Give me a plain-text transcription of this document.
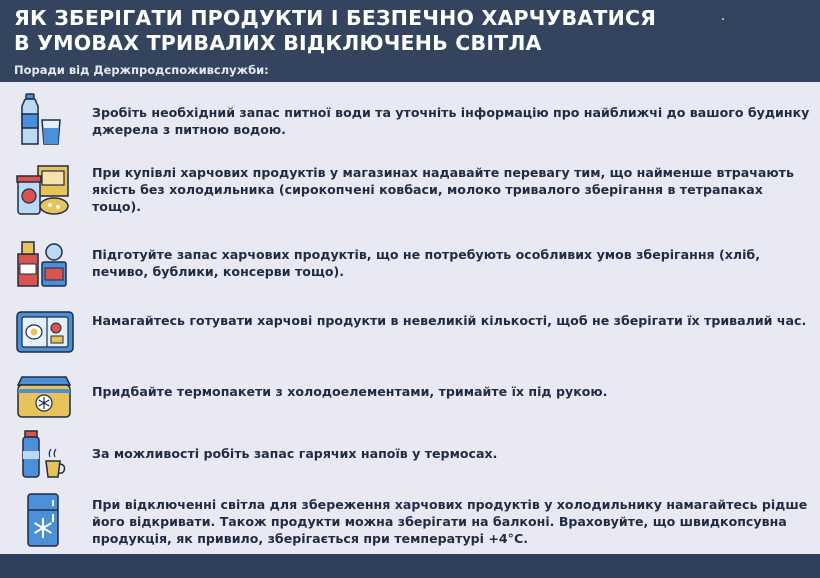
ЯК ЗБЕРІГАТИ ПРОДУКТИ І БЕЗПЕЧНО ХАРЧУВАТИСЯ
В УМОВАХ ТРИВАЛИХ ВІДКЛЮЧЕНЬ СВІТЛА
Поради від Держпродспоживслужби:
Зробіть необхідний запас питної води та уточніть інформацію про найближчі до вашого будинку джерела з питною водою.
При купівлі харчових продуктів у магазинах надавайте перевагу тим, що найменше втрачають якість без холодильника (сирокопчені ковбаси, молоко тривалого зберігання в тетрапаках тощо).
Підготуйте запас харчових продуктів, що не потребують особливих умов зберігання (хліб, печиво, бублики, консерви тощо).
Намагайтесь готувати харчові продукти в невеликій кількості, щоб не зберігати їх тривалий час.
Придбайте термопакети з холодоелементами, тримайте їх під рукою.
За можливості робіть запас гарячих напоїв у термосах.
При відключенні світла для збереження харчових продуктів у холодильнику намагайтесь рідше його відкривати. Також продукти можна зберігати на балконі. Враховуйте, що швидкопсувна продукція, як привило, зберігається при температурі +4°С.
